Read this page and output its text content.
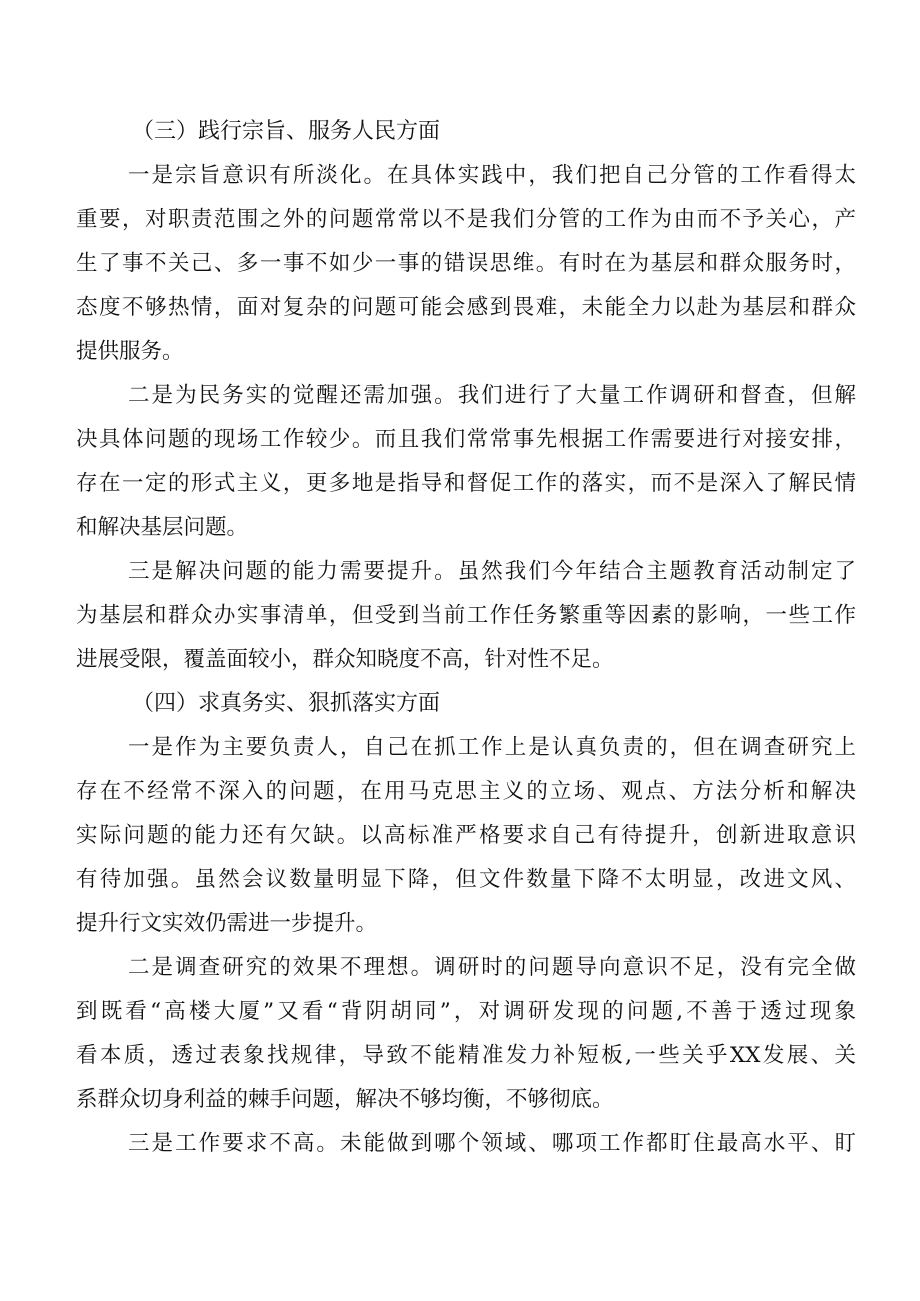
（三）践行宗旨、服务人民方面
一是宗旨意识有所淡化。在具体实践中，我们把自己分管的工作看得太
重要，对职责范围之外的问题常常以不是我们分管的工作为由而不予关心，产
生了事不关己、多一事不如少一事的错误思维。有时在为基层和群众服务时，
态度不够热情，面对复杂的问题可能会感到畏难，未能全力以赴为基层和群众
提供服务。
二是为民务实的觉醒还需加强。我们进行了大量工作调研和督查，但解
决具体问题的现场工作较少。而且我们常常事先根据工作需要进行对接安排，
存在一定的形式主义，更多地是指导和督促工作的落实，而不是深入了解民情
和解决基层问题。
三是解决问题的能力需要提升。虽然我们今年结合主题教育活动制定了
为基层和群众办实事清单，但受到当前工作任务繁重等因素的影响，一些工作
进展受限，覆盖面较小，群众知晓度不高，针对性不足。
（四）求真务实、狠抓落实方面
一是作为主要负责人，自己在抓工作上是认真负责的，但在调查研究上
存在不经常不深入的问题，在用马克思主义的立场、观点、方法分析和解决
实际问题的能力还有欠缺。以高标准严格要求自己有待提升，创新进取意识
有待加强。虽然会议数量明显下降，但文件数量下降不太明显，改进文风、
提升行文实效仍需进一步提升。
二是调查研究的效果不理想。调研时的问题导向意识不足，没有完全做
到既看“高楼大厦”又看“背阴胡同”，对调研发现的问题,不善于透过现象
看本质，透过表象找规律，导致不能精准发力补短板,一些关乎XX发展、关
系群众切身利益的棘手问题，解决不够均衡，不够彻底。
三是工作要求不高。未能做到哪个领域、哪项工作都盯住最高水平、盯
